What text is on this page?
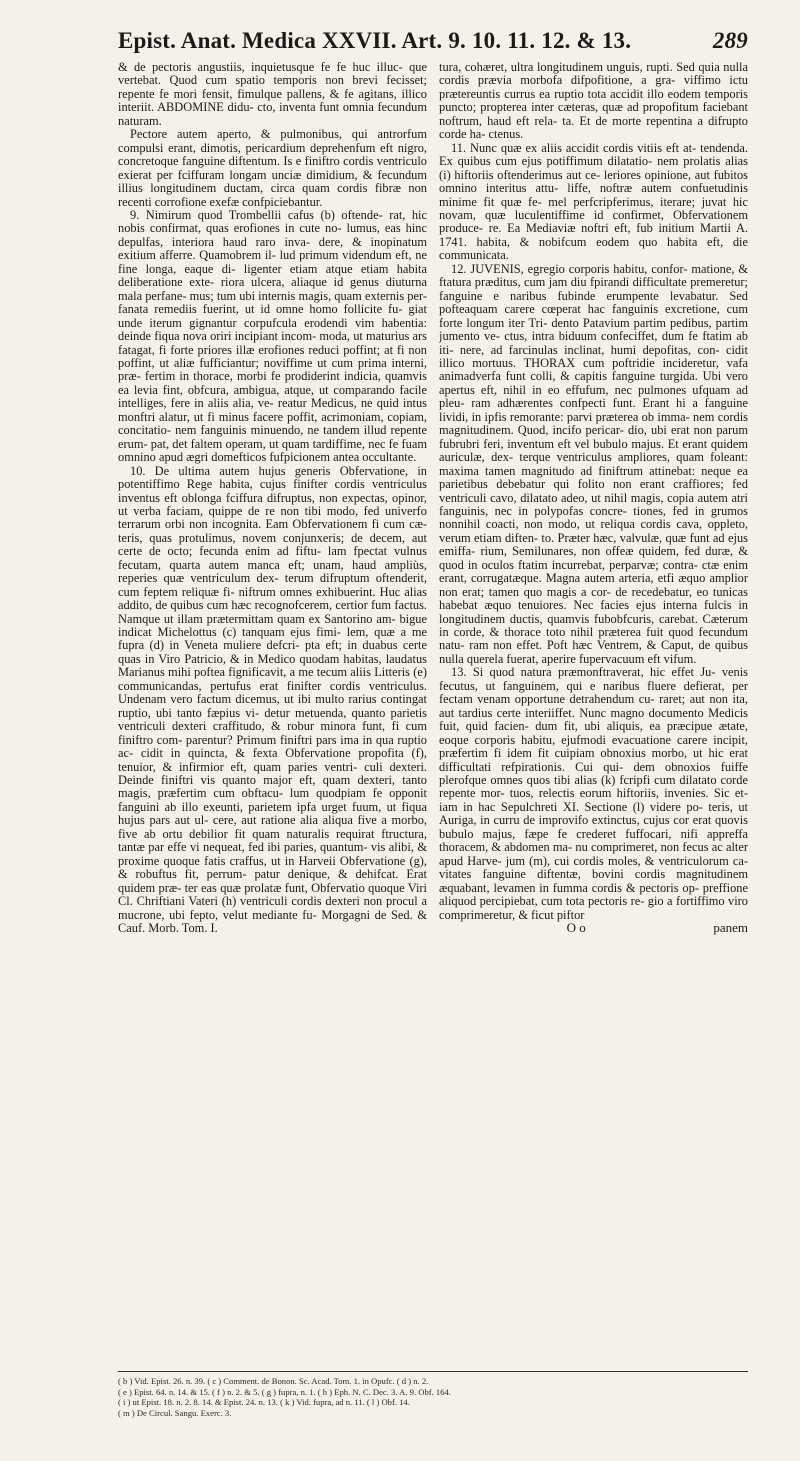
Epist. Anat. Medica XXVII. Art. 9. 10. 11. 12. & 13.	289

& de pectoris angustiis, inquietusque fe fe huc illuc- que vertebat. Quod cum spatio temporis non brevi fecisset; repente fe mori fensit, fimulque pallens, & fe agitans, illico interiit. ABDOMINE didu- cto, inventa funt omnia fecundum naturam.

Pectore autem aperto, & pulmonibus, qui antrorfum compulsi erant, dimotis, pericardium deprehenfum eft nigro, concretoque fanguine diftentum. Is e finiftro cordis ventriculo exierat per fciffuram longam unciæ dimidium, & fecundum illius longitudinem ductam, circa quam cordis fibræ non recenti corrofione exefæ confpiciebantur.

9. Nimirum quod Trombellii cafus (b) oftende- rat, hic nobis confirmat, quas erofiones in cute no- lumus, eas hinc depulfas, interiora haud raro inva- dere, & inopinatum exitium afferre. Quamobrem il- lud primum videndum eft, ne fine longa, eaque di- ligenter etiam atque etiam habita deliberatione exte- riora ulcera, aliaque id genus diuturna mala perfane- mus; tum ubi internis magis, quam externis per- fanata remediis fuerint, ut id omne homo follicite fu- giat unde iterum gignantur corpufcula erodendi vim habentia: deinde fiqua nova oriri incipiant incom- moda, ut maturius ars fatagat, fi forte priores illæ erofiones reduci poffint; at fi non poffint, ut aliæ fufficiantur; noviffime ut cum prima interni, præ- fertim in thorace, morbi fe prodiderint indicia, quamvis ea levia fint, obfcura, ambigua, atque, ut comparando facile intelliges, fere in aliis alia, ve- reatur Medicus, ne quid intus monftri alatur, ut fi minus facere poffit, acrimoniam, copiam, concitatio- nem fanguinis minuendo, ne tandem illud repente erum- pat, det faltem operam, ut quam tardiffime, nec fe fuam omnino apud ægri domefticos fufpicionem antea occultante.

10. De ultima autem hujus generis Obfervatione, in potentiffimo Rege habita, cujus finifter cordis ventriculus inventus eft oblonga fciffura difruptus, non expectas, opinor, ut verba faciam, quippe de re non tibi modo, fed univerfo terrarum orbi non incognita. Eam Obfervationem fi cum cæ- teris, quas protulimus, novem conjunxeris; de decem, aut certe de octo; fecunda enim ad fiftu- lam fpectat vulnus fecutam, quarta autem manca eft; unam, haud ampliùs, reperies quæ ventriculum dex- terum difruptum oftenderit, cum feptem reliquæ fi- niftrum omnes exhibuerint. Huc alias addito, de quibus cum hæc recognofcerem, certior fum factus. Namque ut illam prætermittam quam ex Santorino am- bigue indicat Michelottus (c) tanquam ejus fimi- lem, quæ a me fupra (d) in Veneta muliere defcri- pta eft; in duabus certe quas in Viro Patricio, & in Medico quodam habitas, laudatus Marianus mihi poftea fignificavit, a me tecum aliis Litteris (e) communicandas, pertufus erat finifter cordis ventriculus. Undenam vero factum dicemus, ut ibi multo rarius contingat ruptio, ubi tanto fæpius vi- detur metuenda, quanto parietis ventriculi dexteri craffitudo, & robur minora funt, fi cum finiftro com- parentur? Primum finiftri pars ima in qua ruptio ac- cidit in quincta, & fexta Obfervatione propofita (f), tenuior, & infirmior eft, quam paries ventri- culi dexteri. Deinde finiftri vis quanto major eft, quam dexteri, tanto magis, præfertim cum obftacu- lum quodpiam fe opponit fanguini ab illo exeunti, parietem ipfa urget fuum, ut fiqua hujus pars aut ul- cere, aut ratione alia aliqua five a morbo, five ab ortu debilior fit quam naturalis requirat ftructura, tantæ par effe vi nequeat, fed ibi paries, quantum- vis alibi, & proxime quoque fatis craffus, ut in Harveii Obfervatione (g), & robuftus fit, perrum- patur denique, & dehifcat. Erat quidem præ- ter eas quæ prolatæ funt, Obfervatio quoque Viri Cl. Chriftiani Vateri (h) ventriculi cordis dexteri non procul a mucrone, ubi fepto, velut mediante fu- Morgagni de Sed. & Cauf. Morb. Tom. I.

tura, cohæret, ultra longitudinem unguis, rupti. Sed quia nulla cordis prævia morbofa difpofitione, a gra- viffimo ictu prætereuntis currus ea ruptio tota accidit illo eodem temporis puncto; propterea inter cæteras, quæ ad propofitum faciebant noftrum, haud eft rela- ta. Et de morte repentina a difrupto corde ha- ctenus.

11. Nunc quæ ex aliis accidit cordis vitiis eft at- tendenda. Ex quibus cum ejus potiffimum dilatatio- nem prolatis alias (i) hiftoriis oftenderimus aut ce- leriores opinione, aut fubitos omnino interitus attu- liffe, noftræ autem confuetudinis minime fit quæ fe- mel perfcripferimus, iterare; juvat hic novam, quæ luculentiffime id confirmet, Obfervationem produce- re. Ea Mediaviæ noftri eft, fub initium Martii A. 1741. habita, & nobifcum eodem quo habita eft, die communicata.

12. JUVENIS, egregio corporis habitu, confor- matione, & ftatura præditus, cum jam diu fpirandi difficultate premeretur; fanguine e naribus fubinde erumpente levabatur. Sed pofteaquam carere cœperat hac fanguinis excretione, cum forte longum iter Tri- dento Patavium partim pedibus, partim jumento ve- ctus, intra biduum confeciffet, dum fe ftatim ab iti- nere, ad farcinulas inclinat, humi depofitas, con- cidit illico mortuus. THORAX cum poftridie incideretur, vafa animadverfa funt colli, & capitis fanguine turgida. Ubi vero apertus eft, nihil in eo effufum, nec pulmones ufquam ad pleu- ram adhærentes confpecti funt. Erant hi a fanguine lividi, in ipfis remorante: parvi præterea ob imma- nem cordis magnitudinem. Quod, incifo pericar- dio, ubi erat non parum fubrubri feri, inventum eft vel bubulo majus. Et erant quidem auriculæ, dex- terque ventriculus ampliores, quam foleant: maxima tamen magnitudo ad finiftrum attinebat: neque ea parietibus debebatur qui folito non erant craffiores; fed ventriculi cavo, dilatato adeo, ut nihil magis, copia autem atri fanguinis, nec in polypofas concre- tiones, fed in grumos nonnihil coacti, non modo, ut reliqua cordis cava, oppleto, verum etiam diften- to. Præter hæc, valvulæ, quæ funt ad ejus emiffa- rium, Semilunares, non offeæ quidem, fed duræ, & quod in oculos ftatim incurrebat, perparvæ; contra- ctæ enim erant, corrugatæque. Magna autem arteria, etfi æquo amplior non erat; tamen quo magis a cor- de recedebatur, eo tunicas habebat æquo tenuiores. Nec facies ejus interna fulcis in longitudinem ductis, quamvis fubobfcuris, carebat. Cæterum in corde, & thorace toto nihil præterea fuit quod fecundum natu- ram non effet. Poft hæc Ventrem, & Caput, de quibus nulla querela fuerat, aperire fupervacuum eft vifum.

13. Si quod natura præmonftraverat, hic effet Ju- venis fecutus, ut fanguinem, qui e naribus fluere defierat, per fectam venam opportune detrahendum cu- raret; aut non ita, aut tardius certe interiiffet. Nunc magno documento Medicis fuit, quid facien- dum fit, ubi aliquis, ea præcipue ætate, eoque corporis habitu, ejufmodi evacuatione carere incipit, præfertim fi idem fit cuipiam obnoxius morbo, ut hic erat difficultati refpirationis. Cui qui- dem obnoxios fuiffe plerofque omnes quos tibi alias (k) fcripfi cum dilatato corde repente mor- tuos, relectis eorum hiftoriis, invenies. Sic et- iam in hac Sepulchreti XI. Sectione (l) videre po- teris, ut Auriga, in curru de improvifo extinctus, cujus cor erat quovis bubulo majus, fæpe fe crederet fuffocari, nifi appreffa thoracem, & abdomen ma- nu comprimeret, non fecus ac alter apud Harve- jum (m), cui cordis moles, & ventriculorum ca- vitates fanguine diftentæ, bovini cordis magnitudinem æquabant, levamen in fumma cordis & pectoris op- preffione aliquod percipiebat, cum tota pectoris re- gio a fortiffimo viro comprimeretur, & ficut piftor

O o	panem
( b ) Vid. Epist. 26. n. 39. ( c ) Comment. de Bonon. Sc. Acad. Tom. 1. in Opufc. ( d ) n. 2.
( e ) Epist. 64. n. 14. & 15. ( f ) n. 2. & 5. ( g ) fupra, n. 1. ( h ) Eph. N. C. Dec. 3. A. 9. Obf. 164.
( i ) ut Epist. 18. n. 2. 8. 14. & Epist. 24. n. 13. ( k ) Vid. fupra, ad n. 11. ( l ) Obf. 14.
( m ) De Circul. Sangu. Exerc. 3.
